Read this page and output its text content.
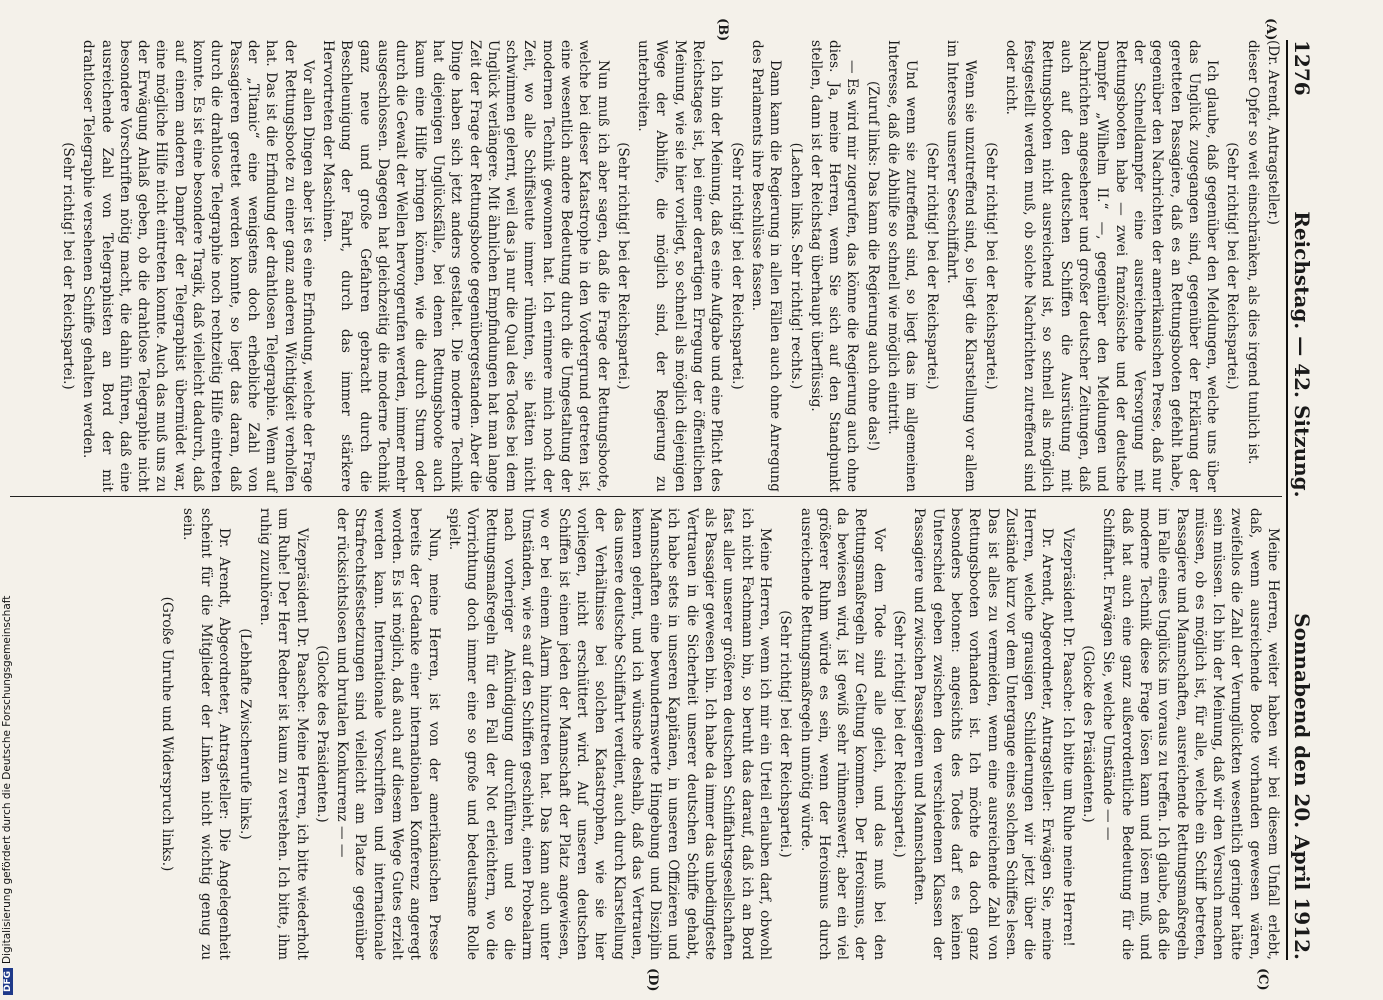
1276
Reichstag. — 42. Sitzung.
Sonnabend den 20. April 1912.
(A)
(B)
(C)
(D)

(Dr. Arendt, Antragsteller.)

dieser Opfer so weit einschränken, als dies irgend tunlich ist.

(Sehr richtig! bei der Reichspartei.)

Ich glaube, daß gegenüber den Meldungen, welche uns über das Unglück zugegangen sind, gegenüber der Erklärung der geretteten Passagiere, daß es an Rettungsbooten gefehlt habe, gegenüber den Nachrichten der amerikanischen Presse, daß nur der Schnelldampfer eine ausreichende Versorgung mit Rettungsbooten habe — zwei französische und der deutsche Dampfer „Wilhelm II.“ —, gegenüber den Meldungen und Nachrichten angesehener und großer deutscher Zeitungen, daß auch auf den deutschen Schiffen die Ausrüstung mit Rettungsbooten nicht ausreichend ist, so schnell als möglich festgestellt werden muß, ob solche Nachrichten zutreffend sind oder nicht.

(Sehr richtig! bei der Reichspartei.)

Wenn sie unzutreffend sind, so liegt die Klarstellung vor allem im Interesse unserer Seeschiffahrt.

(Sehr richtig! bei der Reichspartei.)

Und wenn sie zutreffend sind, so liegt das im allgemeinen Interesse, daß die Abhilfe so schnell wie möglich eintritt.

(Zuruf links: Das kann die Regierung auch ohne das!)

— Es wird mir zugerufen, das könne die Regierung auch ohne dies. Ja, meine Herren, wenn Sie sich auf den Standpunkt stellen, dann ist der Reichstag überhaupt überflüssig.

(Lachen links. Sehr richtig! rechts.)

Dann kann die Regierung in allen Fällen auch ohne Anregung des Parlaments ihre Beschlüsse fassen.

(Sehr richtig! bei der Reichspartei.)

Ich bin der Meinung, daß es eine Aufgabe und eine Pflicht des Reichstages ist, bei einer derartigen Erregung der öffentlichen Meinung, wie sie hier vorliegt, so schnell als möglich diejenigen Wege der Abhilfe, die möglich sind, der Regierung zu unterbreiten.

(Sehr richtig! bei der Reichspartei.)

Nun muß ich aber sagen, daß die Frage der Rettungsboote, welche bei dieser Katastrophe in den Vordergrund getreten ist, eine wesentlich andere Bedeutung durch die Umgestaltung der modernen Technik gewonnen hat. Ich erinnere mich noch der Zeit, wo alle Schiffsleute immer rühmten, sie hätten nicht schwimmen gelernt, weil das ja nur die Qual des Todes bei dem Unglück verlängere. Mit ähnlichen Empfindungen hat man lange Zeit der Frage der Rettungsboote gegenübergestanden. Aber die Dinge haben sich jetzt anders gestaltet. Die moderne Technik hat diejenigen Unglücksfälle, bei denen Rettungsboote auch kaum eine Hilfe bringen können, wie die durch Sturm oder durch die Gewalt der Wellen hervorgerufen werden, immer mehr ausgeschlossen. Dagegen hat gleichzeitig die moderne Technik ganz neue und große Gefahren gebracht durch die Beschleunigung der Fahrt, durch das immer stärkere Hervortreten der Maschinen.

Vor allen Dingen aber ist es eine Erfindung, welche der Frage der Rettungsboote zu einer ganz anderen Wichtigkeit verholfen hat. Das ist die Erfindung der drahtlosen Telegraphie. Wenn auf der „Titanic“ eine wenigstens doch erhebliche Zahl von Passagieren gerettet werden konnte, so liegt das daran, daß durch die drahtlose Telegraphie noch rechtzeitig Hilfe eintreten konnte. Es ist eine besondere Tragik, daß vielleicht dadurch, daß auf einem anderen Dampfer der Telegraphist übermüdet war, eine mögliche Hilfe nicht eintreten konnte. Auch das muß uns zu der Erwägung Anlaß geben, ob die drahtlose Telegraphie nicht besondere Vorschriften nötig macht, die dahin führen, daß eine ausreichende Zahl von Telegraphisten an Bord der mit drahtloser Telegraphie versehenen Schiffe gehalten werden.

(Sehr richtig! bei der Reichspartei.)

Meine Herren, weiter haben wir bei diesem Unfall erlebt, daß, wenn ausreichende Boote vorhanden gewesen wären, zweifellos die Zahl der Verunglückten wesentlich geringer hätte sein müssen. Ich bin der Meinung, daß wir den Versuch machen müssen, ob es möglich ist, für alle, welche ein Schiff betreten, Passagiere und Mannschaften, ausreichende Rettungsmaßregeln im Falle eines Unglücks im voraus zu treffen. Ich glaube, daß die moderne Technik diese Frage lösen kann und lösen muß, und daß hat auch eine ganz außerordentliche Bedeutung für die Schiffahrt. Erwägen Sie, welche Umstände — —

(Glocke des Präsidenten.)

Vizepräsident Dr. Paasche: Ich bitte um Ruhe meine Herren!

Dr. Arendt, Abgeordneter, Antragsteller: Erwägen Sie, meine Herren, welche grausigen Schilderungen wir jetzt über die Zustände kurz vor dem Untergange eines solchen Schiffes lesen. Das ist alles zu vermeiden, wenn eine ausreichende Zahl von Rettungsbooten vorhanden ist. Ich möchte da doch ganz besonders betonen: angesichts des Todes darf es keinen Unterschied geben zwischen den verschiedenen Klassen der Passagiere und zwischen Passagieren und Mannschaften.

(Sehr richtig! bei der Reichspartei.)

Vor dem Tode sind alle gleich, und das muß bei den Rettungsmaßregeln zur Geltung kommen. Der Heroismus, der da bewiesen wird, ist gewiß sehr rühmenswert; aber ein viel größerer Ruhm würde es sein, wenn der Heroismus durch ausreichende Rettungsmaßregeln unnötig würde.

(Sehr richtig! bei der Reichspartei.)

Meine Herren, wenn ich mir ein Urteil erlauben darf, obwohl ich nicht Fachmann bin, so beruht das darauf, daß ich an Bord fast aller unserer größeren deutschen Schiffahrtsgesellschaften als Passagier gewesen bin. Ich habe da immer das unbedingteste Vertrauen in die Sicherheit unserer deutschen Schiffe gehabt, ich habe stets in unseren Kapitänen, in unseren Offizieren und Mannschaften eine bewundernswerte Hingebung und Disziplin kennen gelernt, und ich wünsche deshalb, daß das Vertrauen, das unsere deutsche Schiffahrt verdient, auch durch Klarstellung der Verhältnisse bei solchen Katastrophen, wie sie hier vorliegen, nicht erschüttert wird. Auf unseren deutschen Schiffen ist einem jeden der Mannschaft der Platz angewiesen, wo er bei einem Alarm hinzutreten hat. Das kann auch unter Umständen, wie es auf den Schiffen geschieht, einen Probealarm nach vorheriger Ankündigung durchführen und so die Rettungsmaßregeln für den Fall der Not erleichtern, wo die Vorrichtung doch immer eine so große und bedeutsame Rolle spielt.

Nun, meine Herren, ist von der amerikanischen Presse bereits der Gedanke einer internationalen Konferenz angeregt worden. Es ist möglich, daß auch auf diesem Wege Gutes erzielt werden kann. Internationale Vorschriften und internationale Strafrechtsfestsetzungen sind vielleicht am Platze gegenüber der rücksichtslosen und brutalen Konkurrenz — —

(Glocke des Präsidenten.)

Vizepräsident Dr. Paasche: Meine Herren, ich bitte wiederholt um Ruhe! Der Herr Redner ist kaum zu verstehen. Ich bitte, ihm ruhig zuzuhören.

(Lebhafte Zwischenrufe links.)

Dr. Arendt, Abgeordneter, Antragsteller: Die Angelegenheit scheint für die Mitglieder der Linken nicht wichtig genug zu sein.

(Große Unruhe und Widerspruch links.)

DFGDigitalisierung gefördert durch die Deutsche Forschungsgemeinschaft
